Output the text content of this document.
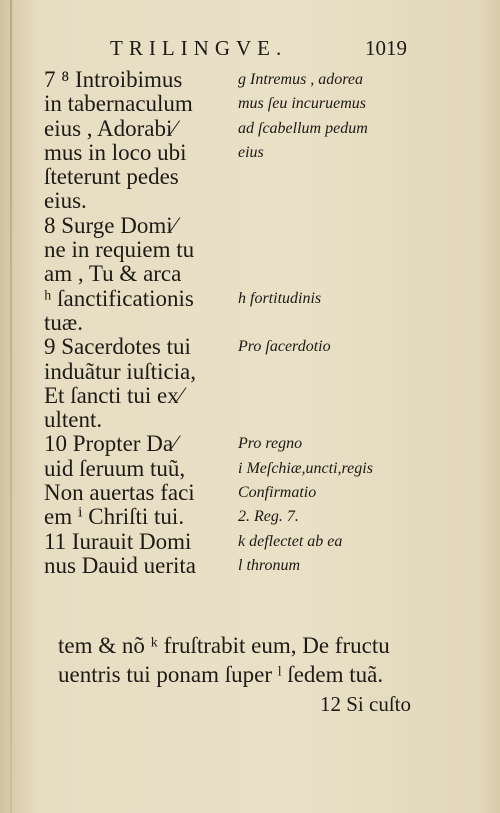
TRILINGVE.	1019
7 ⁸ Introibimus
in tabernaculum
eius , Adorabi⁄
mus in loco ubi
ſteterunt pedes
eius.
8 Surge Domi⁄
ne in requiem tu
am , Tu & arca
ʰ ſanctificationis
tuæ.
9 Sacerdotes tui
induãtur iuſticia,
Et ſancti tui ex⁄
ultent.
10 Propter Da⁄
uid ſeruum tuũ,
Non auertas faci
em ⁱ Chriſti tui.
11 Iurauit Domi
nus Dauid uerita
g Intremus , adorea
mus ſeu incuruemus
ad ſcabellum pedum
eius
h fortitudinis
Pro ſacerdotio
Pro regno
i Meſchiæ,uncti,regis
Confirmatio
2. Reg. 7.
k deflectet ab ea
l thronum
tem & nõ ᵏ fruſtrabit eum, De fructu
uentris tui ponam ſuper ˡ ſedem tuã.
12 Si cuſto
